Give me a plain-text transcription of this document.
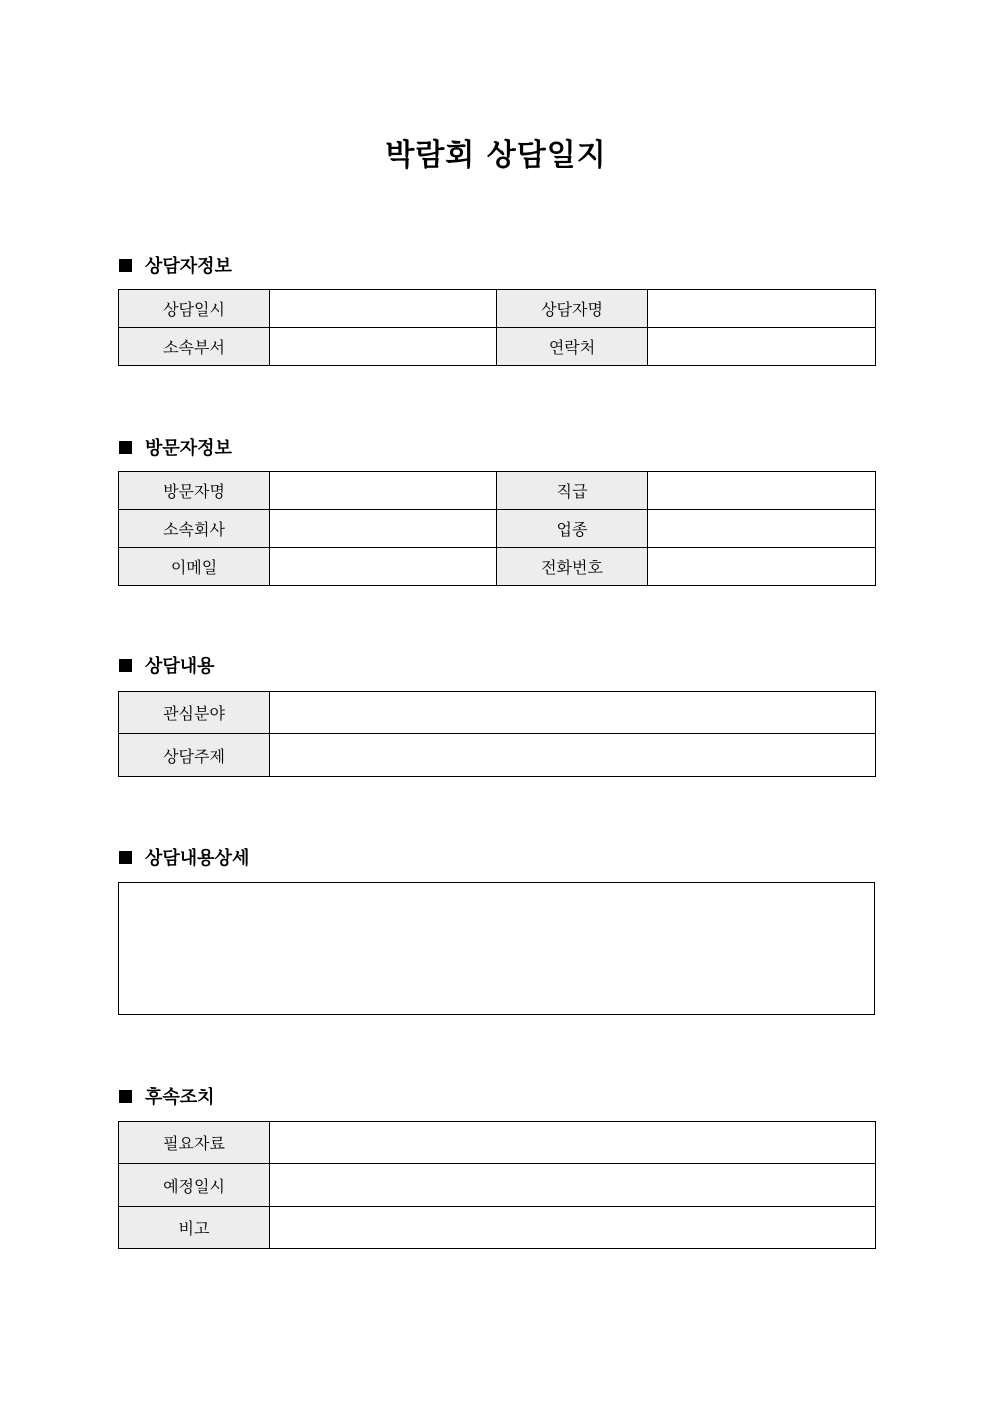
박람회 상담일지
상담자정보
상담일시		상담자명	
소속부서		연락처	
방문자정보
방문자명		직급	
소속회사		업종	
이메일		전화번호	
상담내용
관심분야	
상담주제	
상담내용상세
후속조치
필요자료	
예정일시	
비고	
